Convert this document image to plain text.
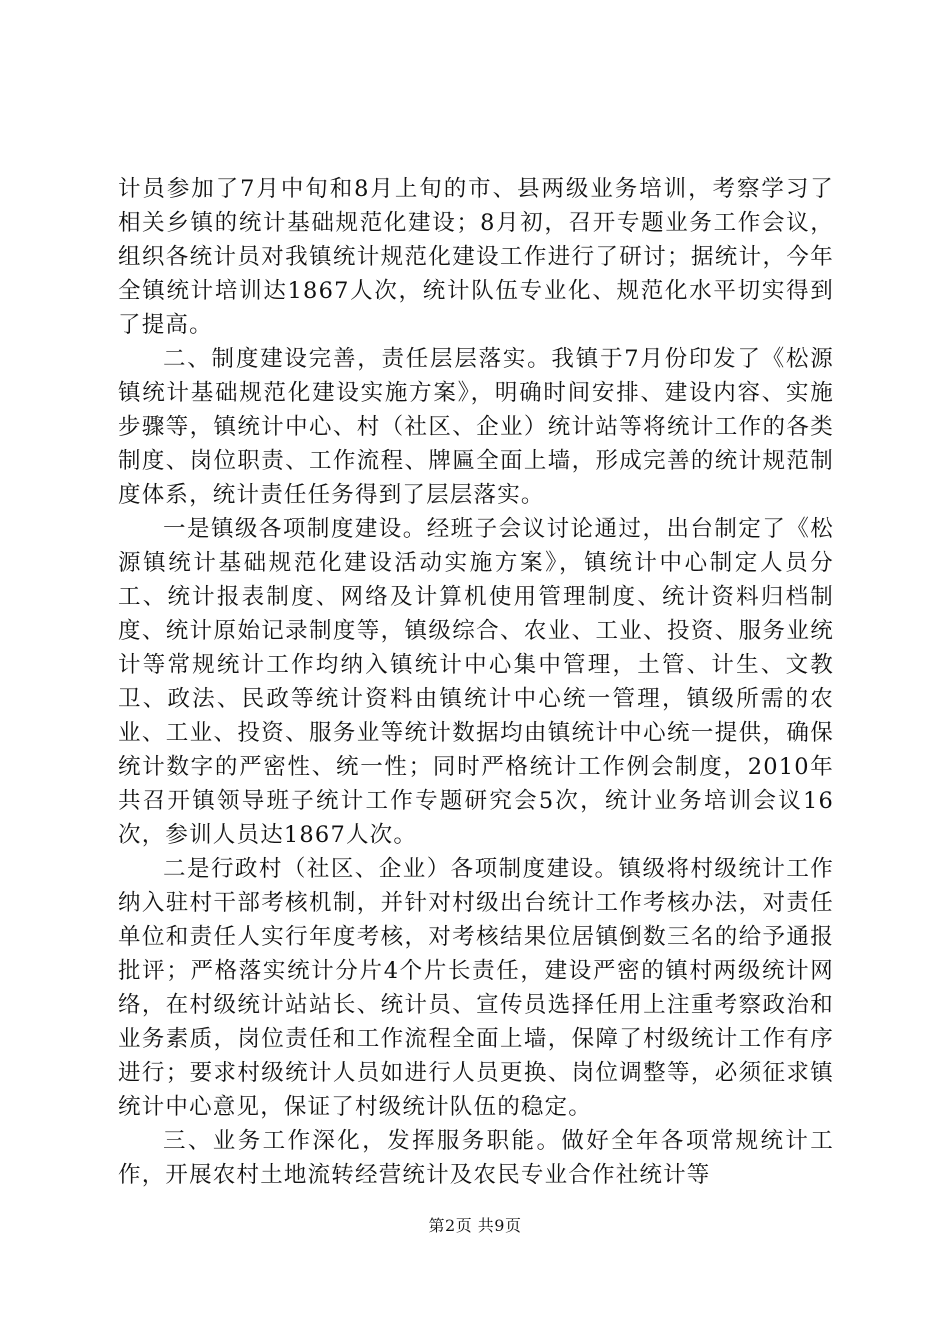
计员参加了7月中旬和8月上旬的市、县两级业务培训，考察学习了相关乡镇的统计基础规范化建设；8月初，召开专题业务工作会议，组织各统计员对我镇统计规范化建设工作进行了研讨；据统计，今年全镇统计培训达1867人次，统计队伍专业化、规范化水平切实得到了提高。

二、制度建设完善，责任层层落实。我镇于7月份印发了《松源镇统计基础规范化建设实施方案》，明确时间安排、建设内容、实施步骤等，镇统计中心、村（社区、企业）统计站等将统计工作的各类制度、岗位职责、工作流程、牌匾全面上墙，形成完善的统计规范制度体系，统计责任任务得到了层层落实。

一是镇级各项制度建设。经班子会议讨论通过，出台制定了《松源镇统计基础规范化建设活动实施方案》，镇统计中心制定人员分工、统计报表制度、网络及计算机使用管理制度、统计资料归档制度、统计原始记录制度等，镇级综合、农业、工业、投资、服务业统计等常规统计工作均纳入镇统计中心集中管理，土管、计生、文教卫、政法、民政等统计资料由镇统计中心统一管理，镇级所需的农业、工业、投资、服务业等统计数据均由镇统计中心统一提供，确保统计数字的严密性、统一性；同时严格统计工作例会制度，2010年共召开镇领导班子统计工作专题研究会5次，统计业务培训会议16次，参训人员达1867人次。

二是行政村（社区、企业）各项制度建设。镇级将村级统计工作纳入驻村干部考核机制，并针对村级出台统计工作考核办法，对责任单位和责任人实行年度考核，对考核结果位居镇倒数三名的给予通报批评；严格落实统计分片4个片长责任，建设严密的镇村两级统计网络，在村级统计站站长、统计员、宣传员选择任用上注重考察政治和业务素质，岗位责任和工作流程全面上墙，保障了村级统计工作有序进行；要求村级统计人员如进行人员更换、岗位调整等，必须征求镇统计中心意见，保证了村级统计队伍的稳定。

三、业务工作深化，发挥服务职能。做好全年各项常规统计工作，开展农村土地流转经营统计及农民专业合作社统计等

第2页 共9页
